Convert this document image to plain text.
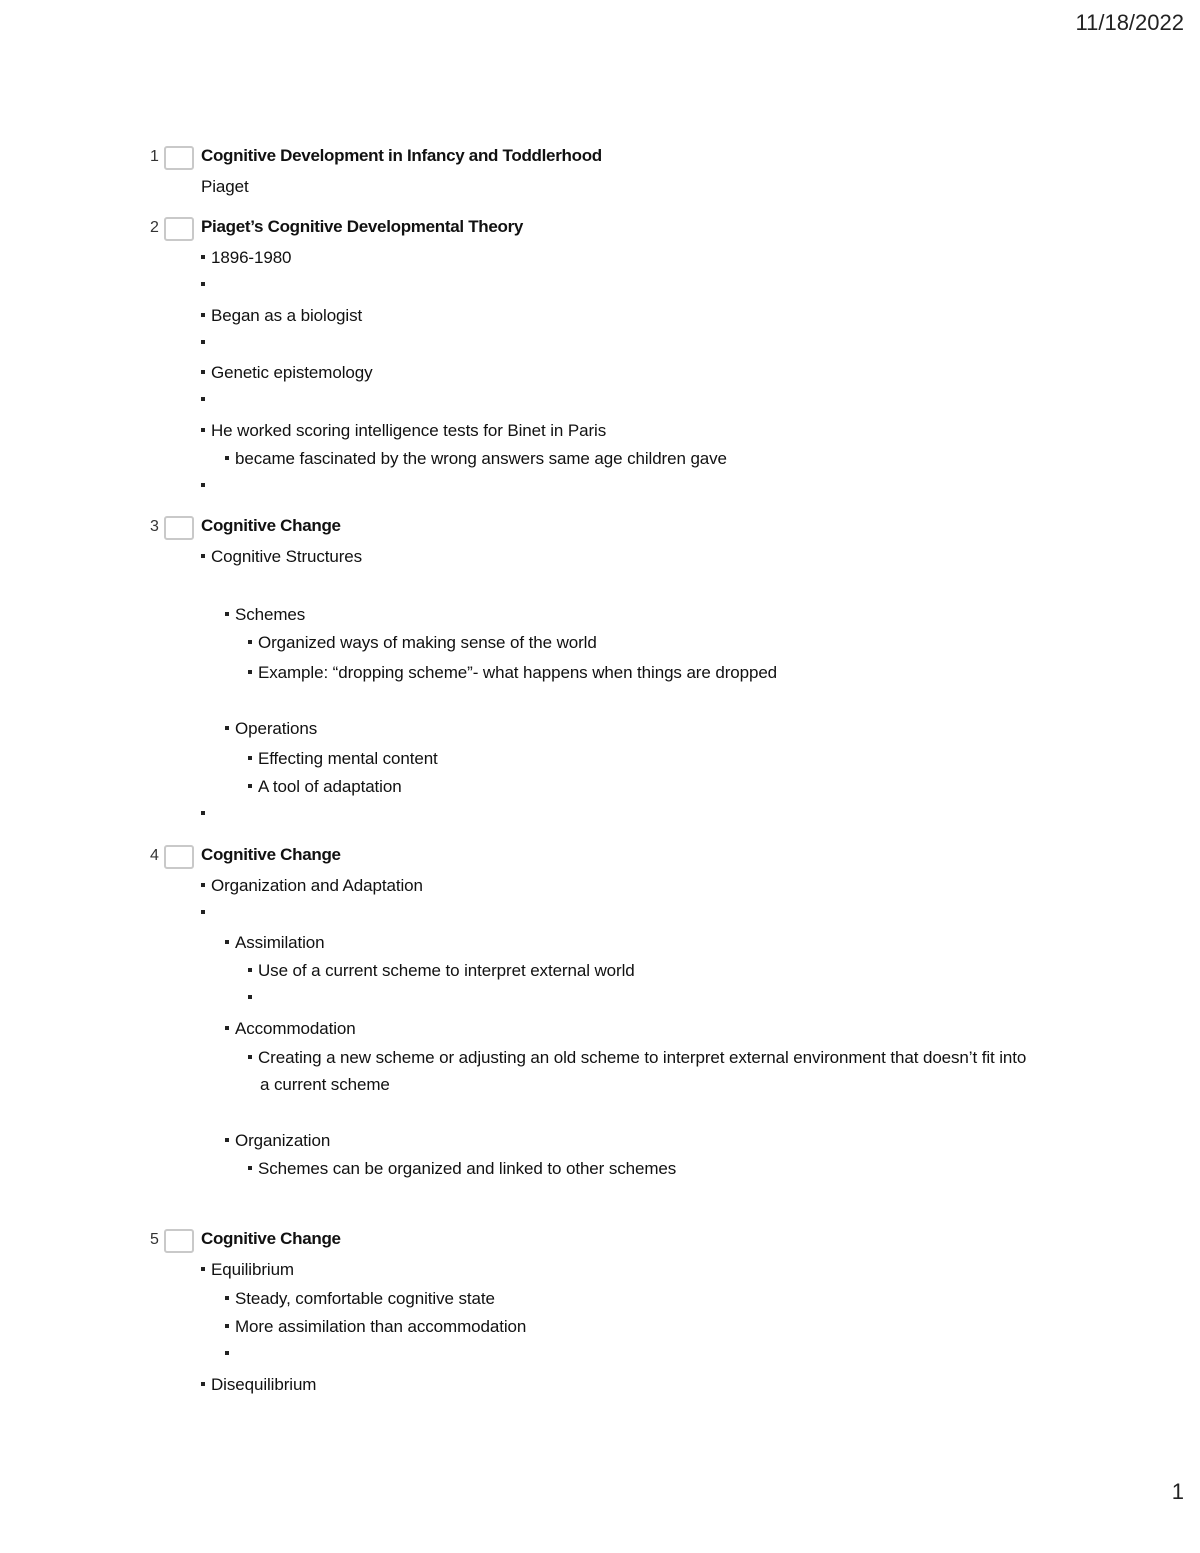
11/18/2022
1 Cognitive Development in Infancy and Toddlerhood
Piaget
2 Piaget’s Cognitive Developmental Theory
1896-1980
Began as a biologist
Genetic epistemology
He worked scoring intelligence tests for Binet in Paris
became fascinated by the wrong answers same age children gave
3 Cognitive Change
Cognitive Structures
Schemes
Organized ways of making sense of the world
Example: “dropping scheme”- what happens when things are dropped
Operations
Effecting mental content
A tool of adaptation
4 Cognitive Change
Organization and Adaptation
Assimilation
Use of a current scheme to interpret external world
Accommodation
Creating a new scheme or adjusting an old scheme to interpret external environment that doesn’t fit into a current scheme
Organization
Schemes can be organized and linked to other schemes
5 Cognitive Change
Equilibrium
Steady, comfortable cognitive state
More assimilation than accommodation
Disequilibrium
1
